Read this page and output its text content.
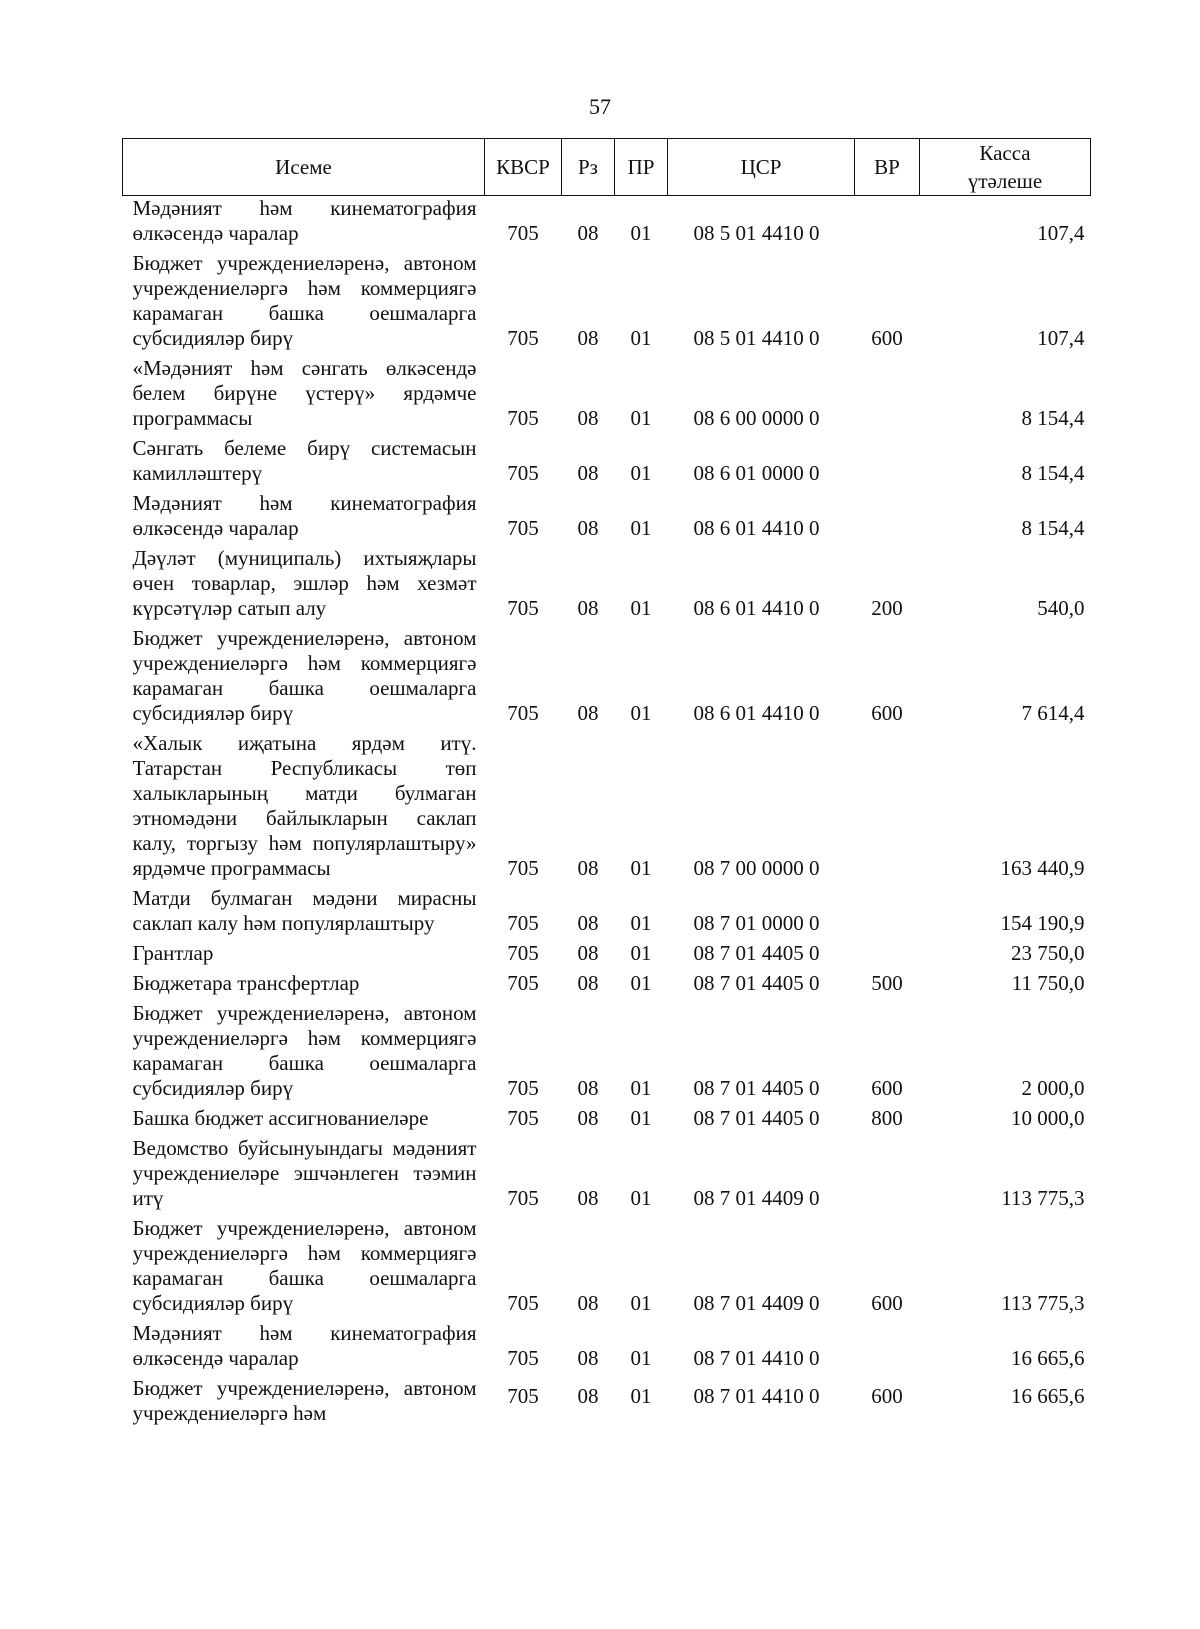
57
Исеме	КВСР	Рз	ПР	ЦСР	ВР	Касса
үтәлеше
Мәдәният һәм кинематография өлкәсендә чаралар	705	08	01	08 5 01 4410 0		107,4
Бюджет учреждениеләренә, автоном учреждениеләргә һәм коммерциягә карамаган башка оешмаларга субсидияләр бирү	705	08	01	08 5 01 4410 0	600	107,4
«Мәдәният һәм сәнгать өлкәсендә белем бирүне үстерү» ярдәмче программасы	705	08	01	08 6 00 0000 0		8 154,4
Сәнгать белеме бирү системасын камилләштерү	705	08	01	08 6 01 0000 0		8 154,4
Мәдәният һәм кинематография өлкәсендә чаралар	705	08	01	08 6 01 4410 0		8 154,4
Дәүләт (муниципаль) ихтыяҗлары өчен товарлар, эшләр һәм хезмәт күрсәтүләр сатып алу	705	08	01	08 6 01 4410 0	200	540,0
Бюджет учреждениеләренә, автоном учреждениеләргә һәм коммерциягә карамаган башка оешмаларга субсидияләр бирү	705	08	01	08 6 01 4410 0	600	7 614,4
«Халык иҗатына ярдәм итү. Татарстан Республикасы төп халыкларының матди булмаган этномәдәни байлыкларын саклап калу, торгызу һәм популярлаштыру» ярдәмче программасы	705	08	01	08 7 00 0000 0		163 440,9
Матди булмаган мәдәни мирасны саклап калу һәм популярлаштыру	705	08	01	08 7 01 0000 0		154 190,9
Грантлар	705	08	01	08 7 01 4405 0		23 750,0
Бюджетара трансфертлар	705	08	01	08 7 01 4405 0	500	11 750,0
Бюджет учреждениеләренә, автоном учреждениеләргә һәм коммерциягә карамаган башка оешмаларга субсидияләр бирү	705	08	01	08 7 01 4405 0	600	2 000,0
Башка бюджет ассигнованиеләре	705	08	01	08 7 01 4405 0	800	10 000,0
Ведомство буйсынуындагы мәдәният учреждениеләре эшчәнлеген тәэмин итү	705	08	01	08 7 01 4409 0		113 775,3
Бюджет учреждениеләренә, автоном учреждениеләргә һәм коммерциягә карамаган башка оешмаларга субсидияләр бирү	705	08	01	08 7 01 4409 0	600	113 775,3
Мәдәният һәм кинематография өлкәсендә чаралар	705	08	01	08 7 01 4410 0		16 665,6
Бюджет учреждениеләренә, автоном учреждениеләргә һәм	705	08	01	08 7 01 4410 0	600	16 665,6
